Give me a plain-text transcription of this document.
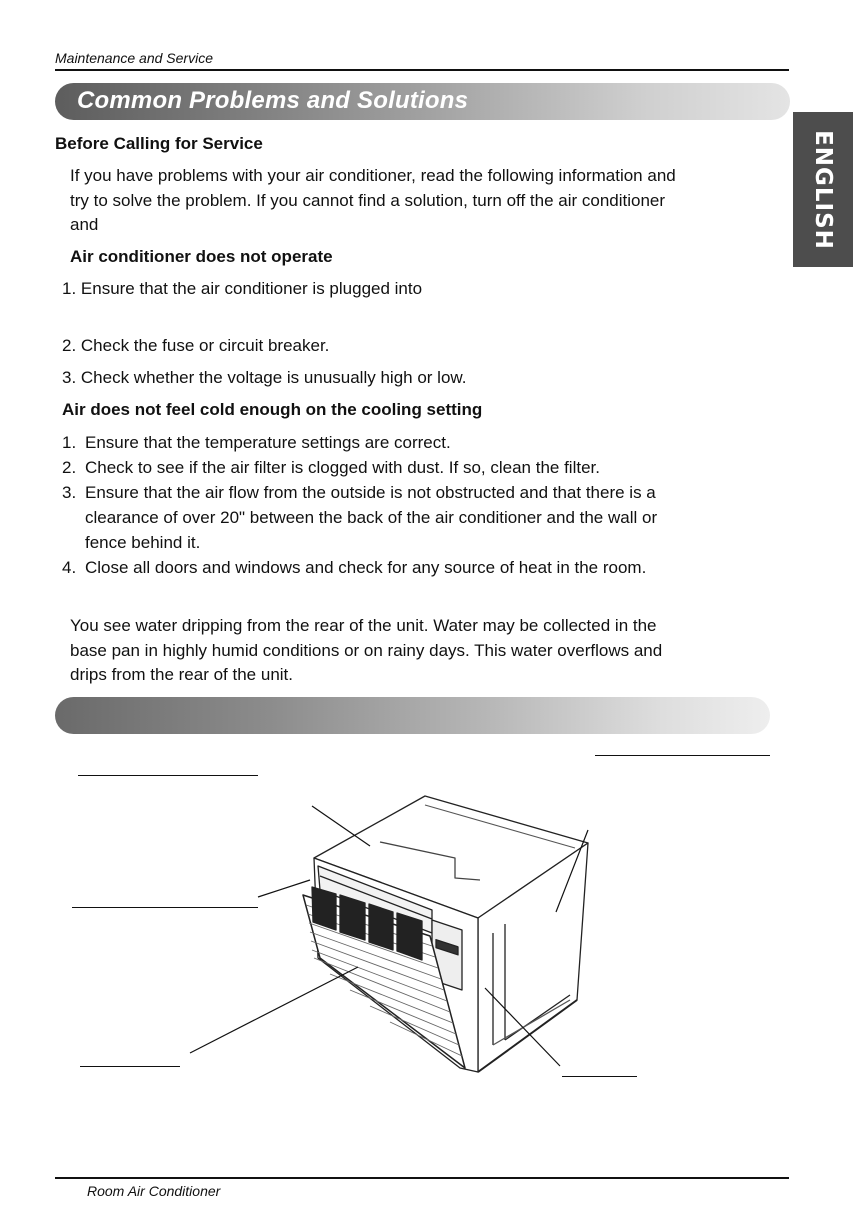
Maintenance and Service
Common Problems and Solutions
ENGLISH
Before Calling for Service
If you have problems with your air conditioner, read the following information and
try to solve the problem. If you cannot find a solution, turn off the air conditioner
and
Air conditioner does not operate
1. Ensure that the air conditioner is plugged into
2. Check the fuse or circuit breaker.
3. Check whether the voltage is unusually high or low.
Air does not feel cold enough on the cooling setting
1. Ensure that the temperature settings are correct.
2. Check to see if the air filter is clogged with dust. If so, clean the filter.
3. Ensure that the air flow from the outside is not obstructed and that there is a
clearance of over 20" between the back of the air conditioner and the wall or
fence behind it.
4. Close all doors and windows and check for any source of heat in the room.
You see water dripping from the rear of the unit. Water may be collected in the
base pan in highly humid conditions or on rainy days. This water overflows and
drips from the rear of the unit.
Room Air Conditioner
